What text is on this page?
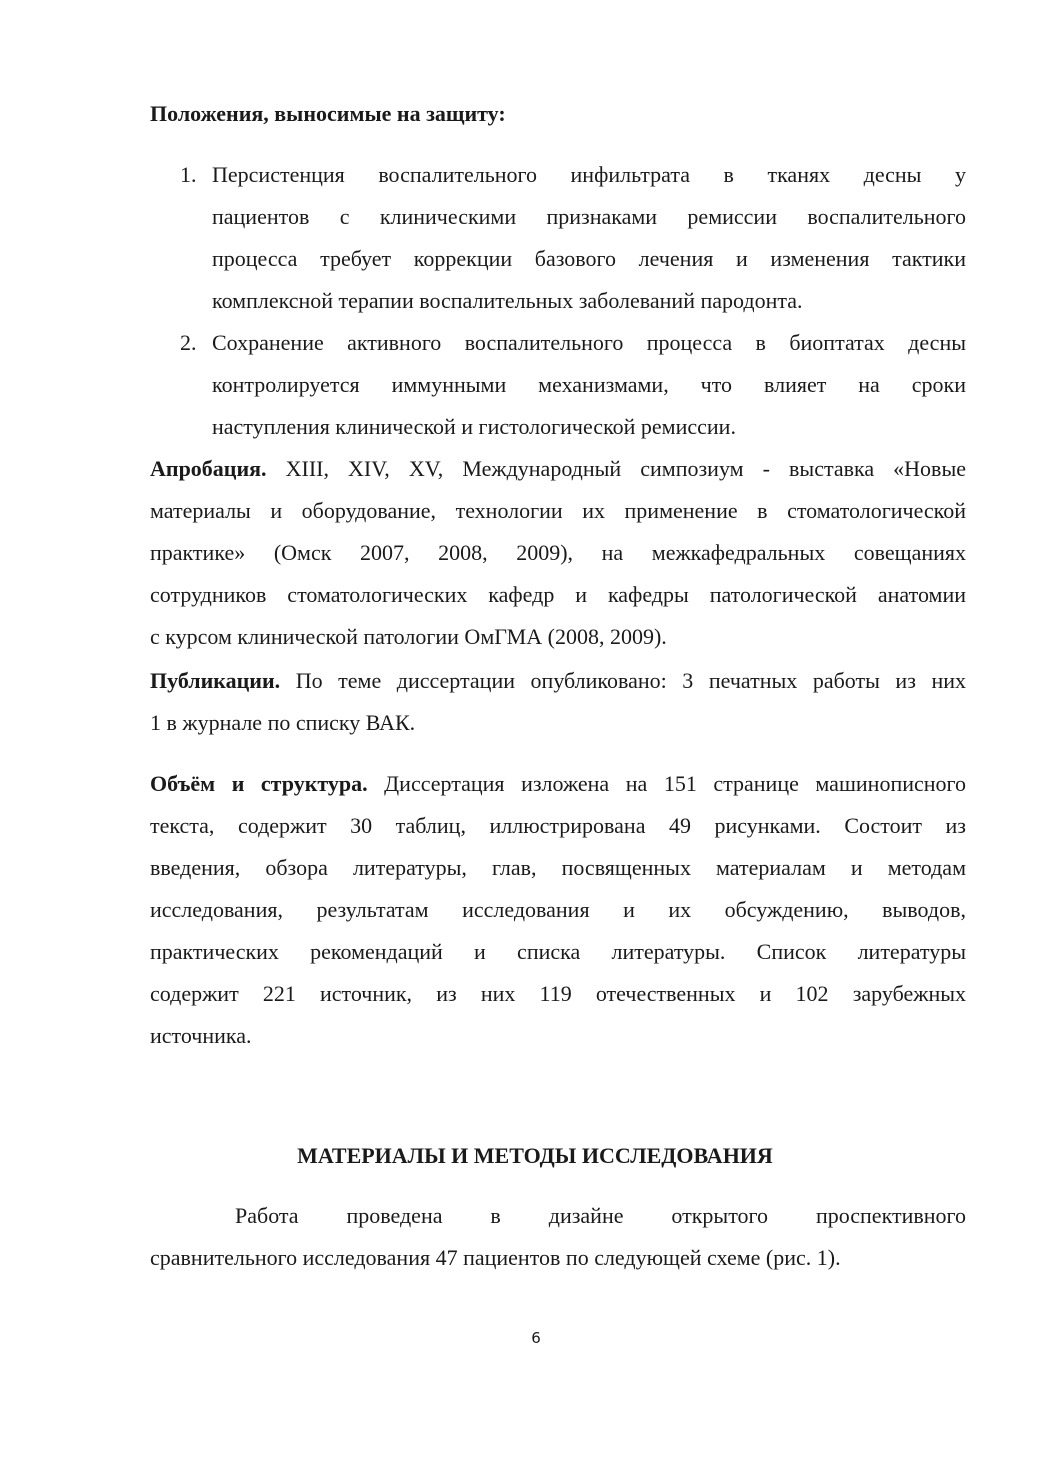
Положения, выносимые на защиту:
1. Персистенция воспалительного инфильтрата в тканях десны у
пациентов с клиническими признаками ремиссии воспалительного
процесса требует коррекции базового лечения и изменения тактики
комплексной терапии воспалительных заболеваний пародонта.
2. Сохранение активного воспалительного процесса в биоптатах десны
контролируется иммунными механизмами, что влияет на сроки
наступления клинической и гистологической ремиссии.
Апробация. XIII, XIV, XV, Международный симпозиум - выставка «Новые
материалы и оборудование, технологии их применение в стоматологической
практике» (Омск 2007, 2008, 2009), на межкафедральных совещаниях
сотрудников стоматологических кафедр и кафедры патологической анатомии
с курсом клинической патологии ОмГМА (2008, 2009).
Публикации. По теме диссертации опубликовано: 3 печатных работы из них
1 в журнале по списку ВАК.
Объём и структура. Диссертация изложена на 151 странице машинописного
текста, содержит 30 таблиц, иллюстрирована 49 рисунками. Состоит из
введения, обзора литературы, глав, посвященных материалам и методам
исследования, результатам исследования и их обсуждению, выводов,
практических рекомендаций и списка литературы. Список литературы
содержит 221 источник, из них 119 отечественных и 102 зарубежных
источника.
МАТЕРИАЛЫ И МЕТОДЫ ИССЛЕДОВАНИЯ
Работа проведена в дизайне открытого проспективного
сравнительного исследования 47 пациентов по следующей схеме (рис. 1).
6
